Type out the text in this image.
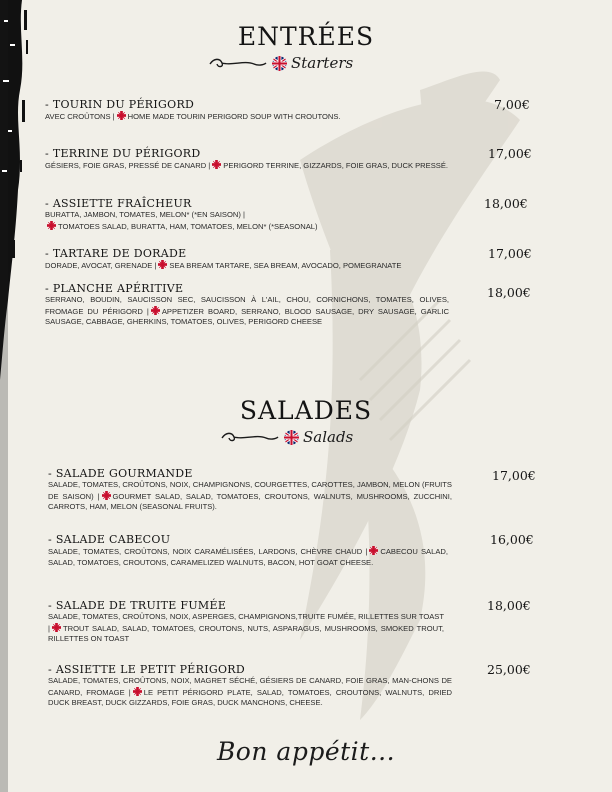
ENTRÉES
Starters
- TOURIN DU PÉRIGORD
AVEC CROÛTONS | HOME MADE TOURIN PERIGORD SOUP WITH CROUTONS.
7,00€
- TERRINE DU PÉRIGORD
GÉSIERS, FOIE GRAS, PRESSÉ DE CANARD | PERIGORD TERRINE, GIZZARDS, FOIE GRAS, DUCK PRESSÉ.
17,00€
- ASSIETTE FRAÎCHEUR
BURATTA, JAMBON, TOMATES, MELON* (*EN SAISON) |
TOMATOES SALAD, BURATTA, HAM, TOMATOES, MELON* (*SEASONAL)
18,00€
- TARTARE DE DORADE
DORADE, AVOCAT, GRENADE | SEA BREAM TARTARE, SEA BREAM, AVOCADO, POMEGRANATE
17,00€
- PLANCHE APÉRITIVE
SERRANO, BOUDIN, SAUCISSON SEC, SAUCISSON À L'AIL, CHOU, CORNICHONS, TOMATES, OLIVES, FROMAGE DU PÉRIGORD | APPETIZER BOARD, SERRANO, BLOOD SAUSAGE, DRY SAUSAGE, GARLIC SAUSAGE, CABBAGE, GHERKINS, TOMATOES, OLIVES, PERIGORD CHEESE
18,00€
SALADES
Salads
- SALADE GOURMANDE
SALADE, TOMATES, CROÛTONS, NOIX, CHAMPIGNONS, COURGETTES, CAROTTES, JAMBON, MELON (FRUITS DE SAISON) | GOURMET SALAD, SALAD, TOMATOES, CROUTONS, WALNUTS, MUSHROOMS, ZUCCHINI, CARROTS, HAM, MELON (SEASONAL FRUITS).
17,00€
- SALADE CABECOU
SALADE, TOMATES, CROÛTONS, NOIX CARAMÉLISÉES, LARDONS, CHÈVRE CHAUD | CABECOU SALAD, SALAD, TOMATOES, CROUTONS, CARAMELIZED WALNUTS, BACON, HOT GOAT CHEESE.
16,00€
- SALADE DE TRUITE FUMÉE
SALADE, TOMATES, CROÛTONS, NOIX, ASPERGES, CHAMPIGNONS,TRUITE FUMÉE, RILLETTES SUR TOAST | TROUT SALAD, SALAD, TOMATOES, CROUTONS, NUTS, ASPARAGUS, MUSHROOMS, SMOKED TROUT, RILLETTES ON TOAST
18,00€
- ASSIETTE LE PETIT PÉRIGORD
SALADE, TOMATES, CROÛTONS, NOIX, MAGRET SÉCHÉ, GÉSIERS DE CANARD, FOIE GRAS, MAN-CHONS DE CANARD, FROMAGE | LE PETIT PÉRIGORD PLATE, SALAD, TOMATOES, CROUTONS, WALNUTS, DRIED DUCK BREAST, DUCK GIZZARDS, FOIE GRAS, DUCK MANCHONS, CHEESE.
25,00€
Bon appétit...
